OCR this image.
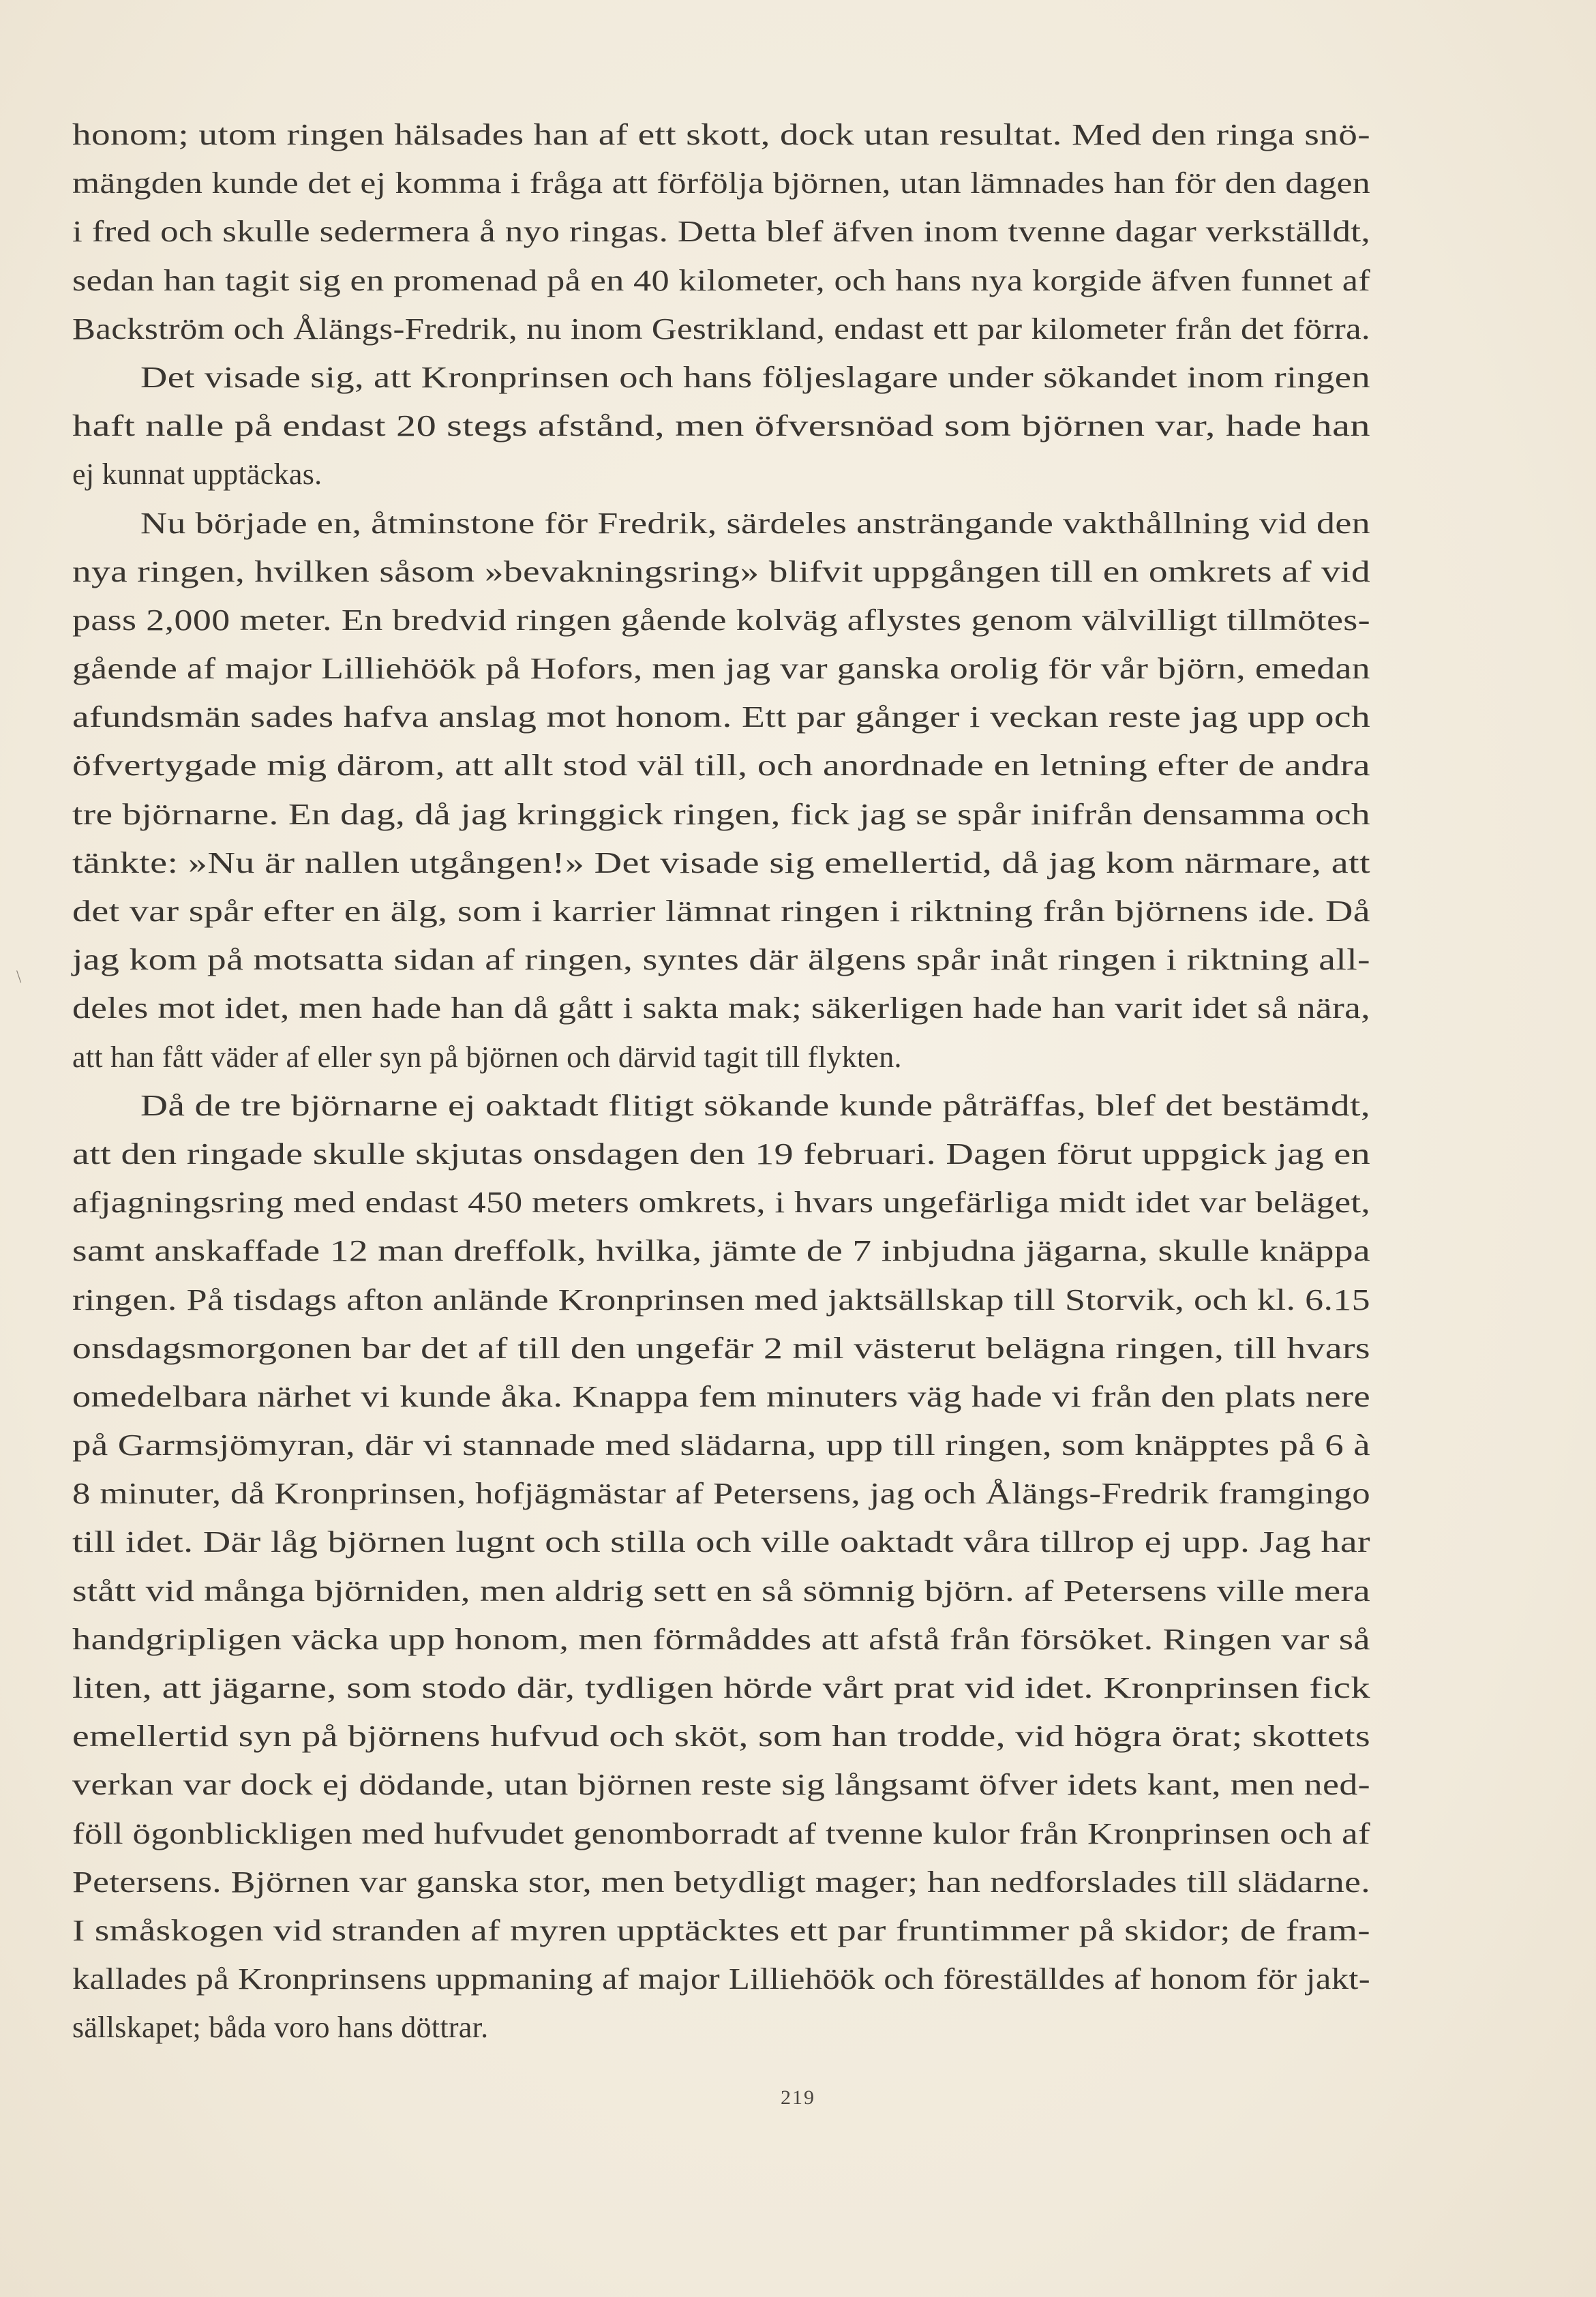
honom; utom ringen hälsades han af ett skott, dock utan resultat. Med den ringa snö-
mängden kunde det ej komma i fråga att förfölja björnen, utan lämnades han för den dagen
i fred och skulle sedermera å nyo ringas. Detta blef äfven inom tvenne dagar verkställdt,
sedan han tagit sig en promenad på en 40 kilometer, och hans nya korgide äfven funnet af
Backström och Ålängs-Fredrik, nu inom Gestrikland, endast ett par kilometer från det förra.
Det visade sig, att Kronprinsen och hans följeslagare under sökandet inom ringen
haft nalle på endast 20 stegs afstånd, men öfversnöad som björnen var, hade han
ej kunnat upptäckas.
Nu började en, åtminstone för Fredrik, särdeles ansträngande vakthållning vid den
nya ringen, hvilken såsom »bevakningsring» blifvit uppgången till en omkrets af vid
pass 2,000 meter. En bredvid ringen gående kolväg aflystes genom välvilligt tillmötes-
gående af major Lilliehöök på Hofors, men jag var ganska orolig för vår björn, emedan
afundsmän sades hafva anslag mot honom. Ett par gånger i veckan reste jag upp och
öfvertygade mig därom, att allt stod väl till, och anordnade en letning efter de andra
tre björnarne. En dag, då jag kringgick ringen, fick jag se spår inifrån densamma och
tänkte: »Nu är nallen utgången!» Det visade sig emellertid, då jag kom närmare, att
det var spår efter en älg, som i karrier lämnat ringen i riktning från björnens ide. Då
jag kom på motsatta sidan af ringen, syntes där älgens spår inåt ringen i riktning all-
deles mot idet, men hade han då gått i sakta mak; säkerligen hade han varit idet så nära,
att han fått väder af eller syn på björnen och därvid tagit till flykten.
Då de tre björnarne ej oaktadt flitigt sökande kunde påträffas, blef det bestämdt,
att den ringade skulle skjutas onsdagen den 19 februari. Dagen förut uppgick jag en
afjagningsring med endast 450 meters omkrets, i hvars ungefärliga midt idet var beläget,
samt anskaffade 12 man dreffolk, hvilka, jämte de 7 inbjudna jägarna, skulle knäppa
ringen. På tisdags afton anlände Kronprinsen med jaktsällskap till Storvik, och kl. 6.15
onsdagsmorgonen bar det af till den ungefär 2 mil västerut belägna ringen, till hvars
omedelbara närhet vi kunde åka. Knappa fem minuters väg hade vi från den plats nere
på Garmsjömyran, där vi stannade med slädarna, upp till ringen, som knäpptes på 6 à
8 minuter, då Kronprinsen, hofjägmästar af Petersens, jag och Ålängs-Fredrik framgingo
till idet. Där låg björnen lugnt och stilla och ville oaktadt våra tillrop ej upp. Jag har
stått vid många björniden, men aldrig sett en så sömnig björn. af Petersens ville mera
handgripligen väcka upp honom, men förmåddes att afstå från försöket. Ringen var så
liten, att jägarne, som stodo där, tydligen hörde vårt prat vid idet. Kronprinsen fick
emellertid syn på björnens hufvud och sköt, som han trodde, vid högra örat; skottets
verkan var dock ej dödande, utan björnen reste sig långsamt öfver idets kant, men ned-
föll ögonblickligen med hufvudet genomborradt af tvenne kulor från Kronprinsen och af
Petersens. Björnen var ganska stor, men betydligt mager; han nedforslades till slädarne.
I småskogen vid stranden af myren upptäcktes ett par fruntimmer på skidor; de fram-
kallades på Kronprinsens uppmaning af major Lilliehöök och föreställdes af honom för jakt-
sällskapet; båda voro hans döttrar.
\
219
